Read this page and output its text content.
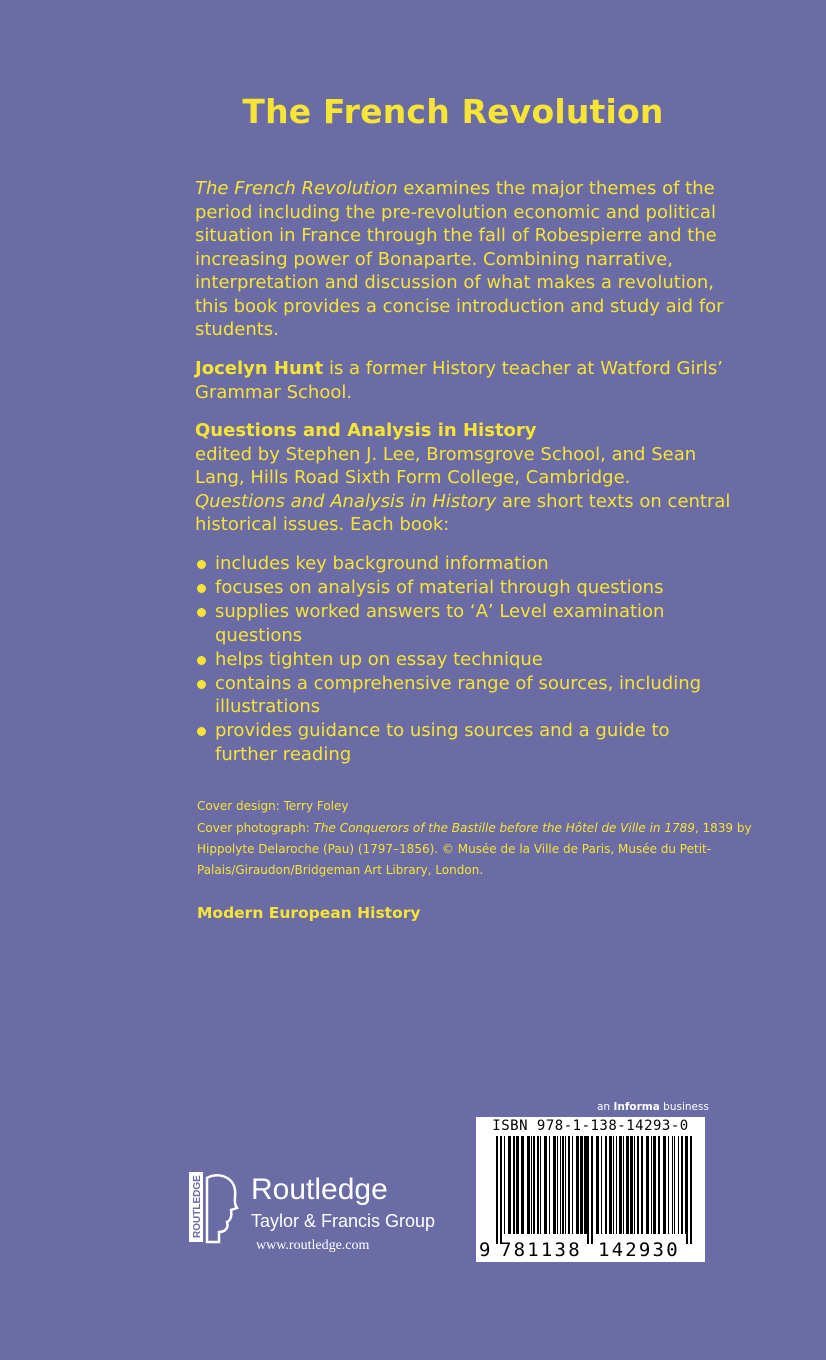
The French Revolution

The French Revolution examines the major themes of the period including the pre-revolution economic and political situation in France through the fall of Robespierre and the increasing power of Bonaparte. Combining narrative, interpretation and discussion of what makes a revolution, this book provides a concise introduction and study aid for students.

Jocelyn Hunt is a former History teacher at Watford Girls’ Grammar School.

Questions and Analysis in History

edited by Stephen J. Lee, Bromsgrove School, and Sean Lang, Hills Road Sixth Form College, Cambridge.

Questions and Analysis in History are short texts on central historical issues. Each book:

includes key background information
focuses on analysis of material through questions
supplies worked answers to ‘A’ Level examination questions
helps tighten up on essay technique
contains a comprehensive range of sources, including illustrations
provides guidance to using sources and a guide to further reading
Cover design: Terry Foley
Cover photograph: The Conquerors of the Bastille before the Hôtel de Ville in 1789, 1839 by Hippolyte Delaroche (Pau) (1797–1856). © Musée de la Ville de Paris, Musée du Petit-Palais/Giraudon/Bridgeman Art Library, London.
Modern European History
an Informa business
ISBN 978-1-138-14293-0
9 781138 142930
ROUTLEDGE Routledge
Taylor & Francis Group
www.routledge.com
